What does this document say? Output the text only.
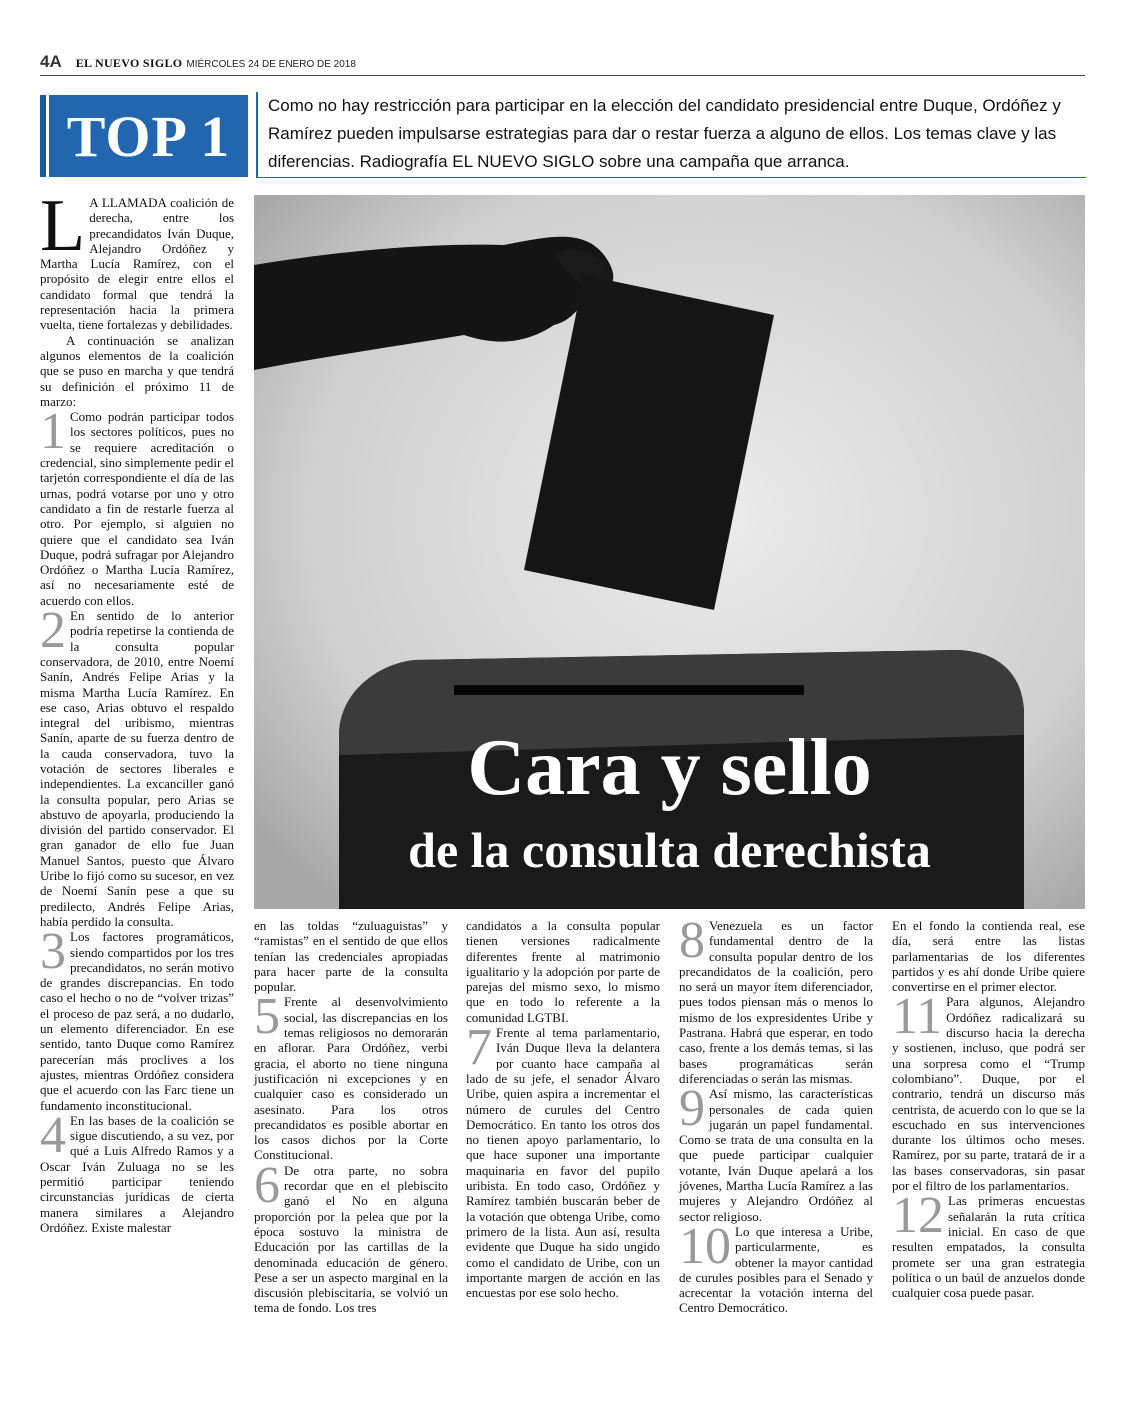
4A EL NUEVO SIGLO MIÉRCOLES 24 DE ENERO DE 2018
TOP 1 Como no hay restricción para participar en la elección del candidato presidencial entre Duque, Ordóñez y Ramírez pueden impulsarse estrategias para dar o restar fuerza a alguno de ellos. Los temas clave y las diferencias. Radiografía EL NUEVO SIGLO sobre una campaña que arranca.

L A LLAMADA coalición de derecha, entre los precandidatos Iván Duque, Alejandro Ordóñez y Martha Lucía Ramírez, con el propósito de elegir entre ellos el candidato formal que tendrá la representación hacia la primera vuelta, tiene fortalezas y debilidades.

A continuación se analizan algunos elementos de la coalición que se puso en marcha y que tendrá su definición el próximo 11 de marzo:

1 Como podrán participar todos los sectores políticos, pues no se requiere acreditación o credencial, sino simplemente pedir el tarjetón correspondiente el día de las urnas, podrá votarse por uno y otro candidato a fin de restarle fuerza al otro. Por ejemplo, si alguien no quiere que el candidato sea Iván Duque, podrá sufragar por Alejandro Ordóñez o Martha Lucía Ramírez, así no necesariamente esté de acuerdo con ellos.

2 En sentido de lo anterior podría repetirse la contienda de la consulta popular conservadora, de 2010, entre Noemí Sanín, Andrés Felipe Arias y la misma Martha Lucía Ramírez. En ese caso, Arias obtuvo el respaldo integral del uribismo, mientras Sanín, aparte de su fuerza dentro de la cauda conservadora, tuvo la votación de sectores liberales e independientes. La excanciller ganó la consulta popular, pero Arias se abstuvo de apoyarla, produciendo la división del partido conservador. El gran ganador de ello fue Juan Manuel Santos, puesto que Álvaro Uribe lo fijó como su sucesor, en vez de Noemí Sanín pese a que su predilecto, Andrés Felipe Arias, había perdido la consulta.

3 Los factores programáticos, siendo compartidos por los tres precandidatos, no serán motivo de grandes discrepancias. En todo caso el hecho o no de “volver trizas” el proceso de paz será, a no dudarlo, un elemento diferenciador. En ese sentido, tanto Duque como Ramírez parecerían más proclives a los ajustes, mientras Ordóñez considera que el acuerdo con las Farc tiene un fundamento inconstitucional.

4 En las bases de la coalición se sigue discutiendo, a su vez, por qué a Luis Alfredo Ramos y a Oscar Iván Zuluaga no se les permitió participar teniendo circunstancias jurídicas de cierta manera similares a Alejandro Ordóñez. Existe malestar

Cara y sello
de la consulta derechista

en las toldas “zuluaguistas” y “ramistas” en el sentido de que ellos tenían las credenciales apropiadas para hacer parte de la consulta popular.

5 Frente al desenvolvimiento social, las discrepancias en los temas religiosos no demorarán en aflorar. Para Ordóñez, verbi gracia, el aborto no tiene ninguna justificación ni excepciones y en cualquier caso es considerado un asesinato. Para los otros precandidatos es posible abortar en los casos dichos por la Corte Constitucional.

6 De otra parte, no sobra recordar que en el plebiscito ganó el No en alguna proporción por la pelea que por la época sostuvo la ministra de Educación por las cartillas de la denominada educación de género. Pese a ser un aspecto marginal en la discusión plebiscitaria, se volvió un tema de fondo. Los tres

candidatos a la consulta popular tienen versiones radicalmente diferentes frente al matrimonio igualitario y la adopción por parte de parejas del mismo sexo, lo mismo que en todo lo referente a la comunidad LGTBI.

7 Frente al tema parlamentario, Iván Duque lleva la delantera por cuanto hace campaña al lado de su jefe, el senador Álvaro Uribe, quien aspira a incrementar el número de curules del Centro Democrático. En tanto los otros dos no tienen apoyo parlamentario, lo que hace suponer una importante maquinaria en favor del pupilo uribista. En todo caso, Ordóñez y Ramírez también buscarán beber de la votación que obtenga Uribe, como primero de la lista. Aun así, resulta evidente que Duque ha sido ungido como el candidato de Uribe, con un importante margen de acción en las encuestas por ese solo hecho.

8 Venezuela es un factor fundamental dentro de la consulta popular dentro de los precandidatos de la coalición, pero no será un mayor ítem diferenciador, pues todos piensan más o menos lo mismo de los expresidentes Uribe y Pastrana. Habrá que esperar, en todo caso, frente a los demás temas, si las bases programáticas serán diferenciadas o serán las mismas.

9 Así mismo, las características personales de cada quien jugarán un papel fundamental. Como se trata de una consulta en la que puede participar cualquier votante, Iván Duque apelará a los jóvenes, Martha Lucía Ramírez a las mujeres y Alejandro Ordóñez al sector religioso.

10 Lo que interesa a Uribe, particularmente, es obtener la mayor cantidad de curules posibles para el Senado y acrecentar la votación interna del Centro Democrático.

En el fondo la contienda real, ese día, será entre las listas parlamentarias de los diferentes partidos y es ahí donde Uribe quiere convertirse en el primer elector.

11 Para algunos, Alejandro Ordóñez radicalizará su discurso hacia la derecha y sostienen, incluso, que podrá ser una sorpresa como el “Trump colombiano”. Duque, por el contrario, tendrá un discurso más centrista, de acuerdo con lo que se la escuchado en sus intervenciones durante los últimos ocho meses. Ramírez, por su parte, tratará de ir a las bases conservadoras, sin pasar por el filtro de los parlamentarios.

12 Las primeras encuestas señalarán la ruta crítica inicial. En caso de que resulten empatados, la consulta promete ser una gran estrategia política o un baúl de anzuelos donde cualquier cosa puede pasar.
